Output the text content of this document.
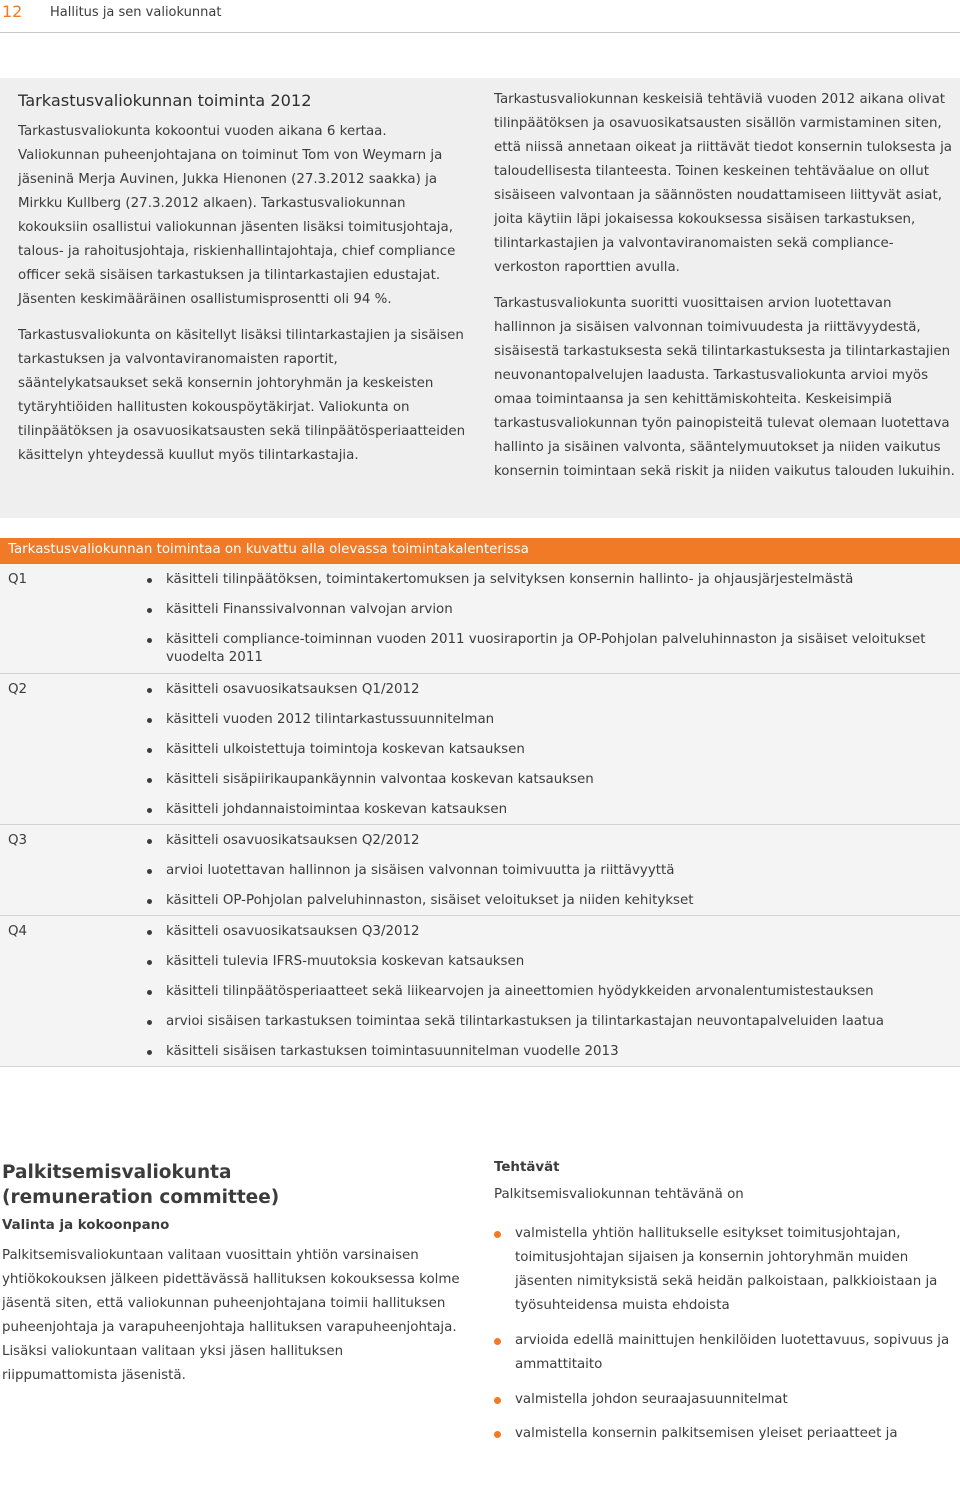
12 Hallitus ja sen valiokunnat
Tarkastusvaliokunnan toiminta 2012

Tarkastusvaliokunta kokoontui vuoden aikana 6 kertaa. Valiokunnan puheenjohtajana on toiminut Tom von Weymarn ja jäseninä Merja Auvinen, Jukka Hienonen (27.3.2012 saakka) ja Mirkku Kullberg (27.3.2012 alkaen). Tarkastusvaliokunnan kokouksiin osallistui valiokunnan jäsenten lisäksi toimitusjohtaja, talous- ja rahoitusjohtaja, riskienhallintajohtaja, chief compliance officer sekä sisäisen tarkastuksen ja tilintarkastajien edustajat. Jäsenten keskimääräinen osallistumisprosentti oli 94 %.

Tarkastusvaliokunta on käsitellyt lisäksi tilintarkastajien ja sisäisen tarkastuksen ja valvontaviranomaisten raportit, sääntelykatsaukset sekä konsernin johtoryhmän ja keskeisten tytäryhtiöiden hallitusten kokouspöytäkirjat. Valiokunta on tilinpäätöksen ja osavuosikatsausten sekä tilinpäätösperiaatteiden käsittelyn yhteydessä kuullut myös tilintarkastajia.

Tarkastusvaliokunnan keskeisiä tehtäviä vuoden 2012 aikana olivat tilinpäätöksen ja osavuosikatsausten sisällön varmistaminen siten, että niissä annetaan oikeat ja riittävät tiedot konsernin tuloksesta ja taloudellisesta tilanteesta. Toinen keskeinen tehtäväalue on ollut sisäiseen valvontaan ja säännösten noudattamiseen liittyvät asiat, joita käytiin läpi jokaisessa kokouksessa sisäisen tarkastuksen, tilintarkastajien ja valvontaviranomaisten sekä compliance-verkoston raporttien avulla.

Tarkastusvaliokunta suoritti vuosittaisen arvion luotettavan hallinnon ja sisäisen valvonnan toimivuudesta ja riittävyydestä, sisäisestä tarkastuksesta sekä tilintarkastuksesta ja tilintarkastajien neuvonantopalvelujen laadusta. Tarkastusvaliokunta arvioi myös omaa toimintaansa ja sen kehittämiskohteita. Keskeisimpiä tarkastusvaliokunnan työn painopisteitä tulevat olemaan luotettava hallinto ja sisäinen valvonta, sääntelymuutokset ja niiden vaikutus konsernin toimintaan sekä riskit ja niiden vaikutus talouden lukuihin.

Tarkastusvaliokunnan toimintaa on kuvattu alla olevassa toimintakalenterissa
Q1	käsitteli tilinpäätöksen, toimintakertomuksen ja selvityksen konsernin hallinto- ja ohjausjärjestelmästä
käsitteli Finanssivalvonnan valvojan arvion
käsitteli compliance-toiminnan vuoden 2011 vuosiraportin ja OP-Pohjolan palveluhinnaston ja sisäiset veloitukset vuodelta 2011
Q2	käsitteli osavuosikatsauksen Q1/2012
käsitteli vuoden 2012 tilintarkastussuunnitelman
käsitteli ulkoistettuja toimintoja koskevan katsauksen
käsitteli sisäpiirikaupankäynnin valvontaa koskevan katsauksen
käsitteli johdannaistoimintaa koskevan katsauksen
Q3	käsitteli osavuosikatsauksen Q2/2012
arvioi luotettavan hallinnon ja sisäisen valvonnan toimivuutta ja riittävyyttä
käsitteli OP-Pohjolan palveluhinnaston, sisäiset veloitukset ja niiden kehitykset
Q4	käsitteli osavuosikatsauksen Q3/2012
käsitteli tulevia IFRS-muutoksia koskevan katsauksen
käsitteli tilinpäätösperiaatteet sekä liikearvojen ja aineettomien hyödykkeiden arvonalentumistestauksen
arvioi sisäisen tarkastuksen toimintaa sekä tilintarkastuksen ja tilintarkastajan neuvontapalveluiden laatua
käsitteli sisäisen tarkastuksen toimintasuunnitelman vuodelle 2013
Palkitsemisvaliokunta
(remuneration committee)
Valinta ja kokoonpano
Palkitsemisvaliokuntaan valitaan vuosittain yhtiön varsinaisen yhtiökokouksen jälkeen pidettävässä hallituksen kokouksessa kolme jäsentä siten, että valiokunnan puheenjohtajana toimii hallituksen puheenjohtaja ja varapuheenjohtaja hallituksen varapuheenjohtaja. Lisäksi valiokuntaan valitaan yksi jäsen hallituksen riippumattomista jäsenistä.
Tehtävät
Palkitsemisvaliokunnan tehtävänä on
valmistella yhtiön hallitukselle esitykset toimitusjohtajan, toimitusjohtajan sijaisen ja konsernin johtoryhmän muiden jäsenten nimityksistä sekä heidän palkoistaan, palkkioistaan ja työsuhteidensa muista ehdoista
arvioida edellä mainittujen henkilöiden luotettavuus, sopivuus ja ammattitaito
valmistella johdon seuraajasuunnitelmat
valmistella konsernin palkitsemisen yleiset periaatteet ja
